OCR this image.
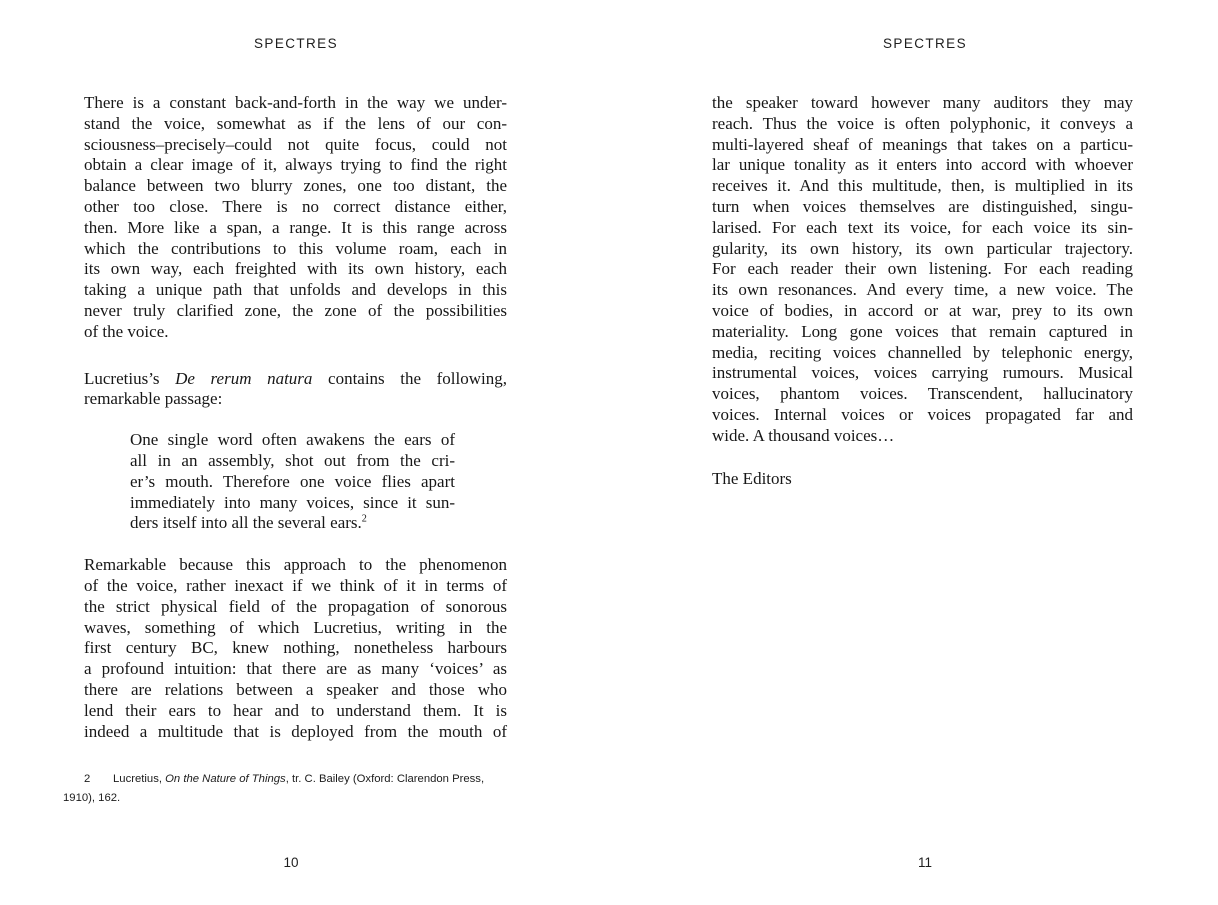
SPECTRES
There is a constant back-and-forth in the way we under-
stand the voice, somewhat as if the lens of our con-
sciousness–precisely–could not quite focus, could not
obtain a clear image of it, always trying to find the right
balance between two blurry zones, one too distant, the
other too close. There is no correct distance either,
then. More like a span, a range. It is this range across
which the contributions to this volume roam, each in
its own way, each freighted with its own history, each
taking a unique path that unfolds and develops in this
never truly clarified zone, the zone of the possibilities
of the voice.
Lucretius’s De rerum natura contains the following,
remarkable passage:
One single word often awakens the ears of
all in an assembly, shot out from the cri-
er’s mouth. Therefore one voice flies apart
immediately into many voices, since it sun-
ders itself into all the several ears.$^2$
Remarkable because this approach to the phenomenon
of the voice, rather inexact if we think of it in terms of
the strict physical field of the propagation of sonorous
waves, something of which Lucretius, writing in the
first century BC, knew nothing, nonetheless harbours
a profound intuition: that there are as many ‘voices’ as
there are relations between a speaker and those who
lend their ears to hear and to understand them. It is
indeed a multitude that is deployed from the mouth of
2 Lucretius, On the Nature of Things, tr. C. Bailey (Oxford: Clarendon Press,
1910), 162.
10
SPECTRES
the speaker toward however many auditors they may
reach. Thus the voice is often polyphonic, it conveys a
multi-layered sheaf of meanings that takes on a particu-
lar unique tonality as it enters into accord with whoever
receives it. And this multitude, then, is multiplied in its
turn when voices themselves are distinguished, singu-
larised. For each text its voice, for each voice its sin-
gularity, its own history, its own particular trajectory.
For each reader their own listening. For each reading
its own resonances. And every time, a new voice. The
voice of bodies, in accord or at war, prey to its own
materiality. Long gone voices that remain captured in
media, reciting voices channelled by telephonic energy,
instrumental voices, voices carrying rumours. Musical
voices, phantom voices. Transcendent, hallucinatory
voices. Internal voices or voices propagated far and
wide. A thousand voices…
The Editors
11
